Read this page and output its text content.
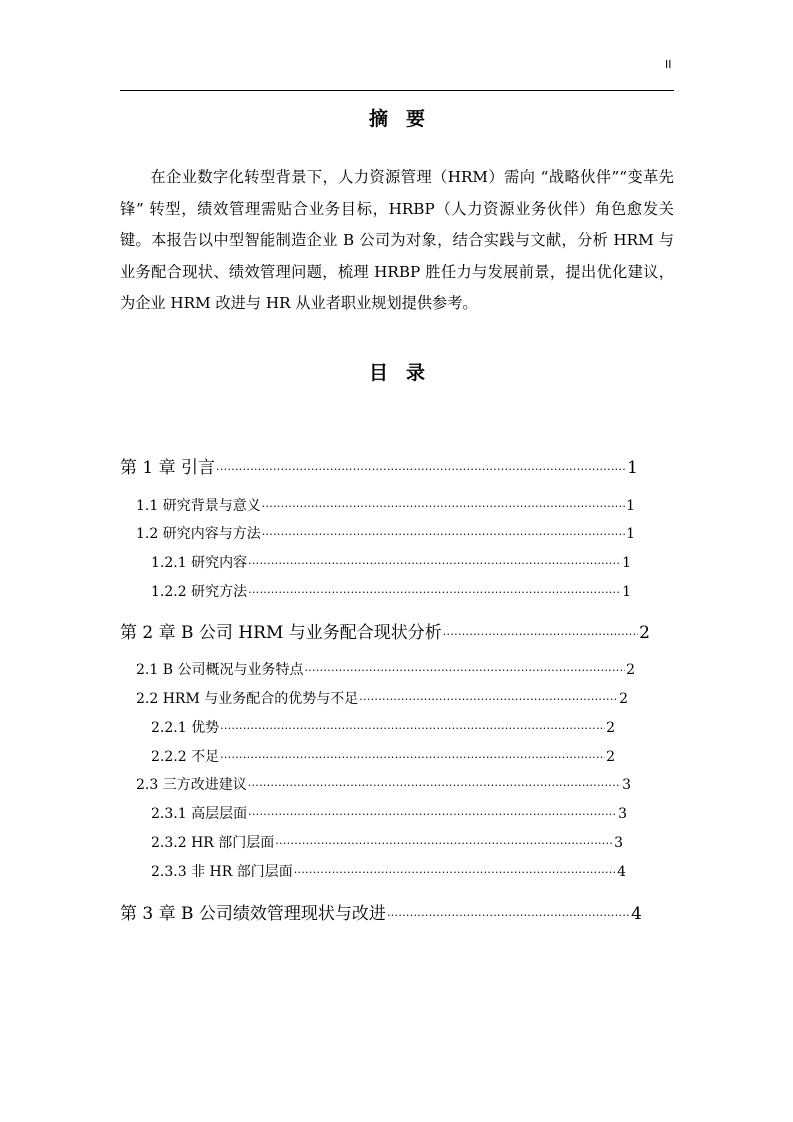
II
摘要

在企业数字化转型背景下，人力资源管理（HRM）需向 “战略伙伴”“变革先锋” 转型，绩效管理需贴合业务目标，HRBP（人力资源业务伙伴）角色愈发关键。本报告以中型智能制造企业 B 公司为对象，结合实践与文献，分析 HRM 与业务配合现状、绩效管理问题，梳理 HRBP 胜任力与发展前景，提出优化建议，为企业 HRM 改进与 HR 从业者职业规划提供参考。

目录
第 1 章 引言 ·····	1
1.1 研究背景与意义 ·····	1
1.2 研究内容与方法 ·····	1
1.2.1 研究内容 ·····	1
1.2.2 研究方法 ·····	1
第 2 章 B 公司 HRM 与业务配合现状分析 ·····	2
2.1 B 公司概况与业务特点 ·····	2
2.2 HRM 与业务配合的优势与不足 ·····	2
2.2.1 优势 ·····	2
2.2.2 不足 ·····	2
2.3 三方改进建议 ·····	3
2.3.1 高层层面 ·····	3
2.3.2 HR 部门层面 ·····	3
2.3.3 非 HR 部门层面 ·····	4
第 3 章 B 公司绩效管理现状与改进 ·····	4
